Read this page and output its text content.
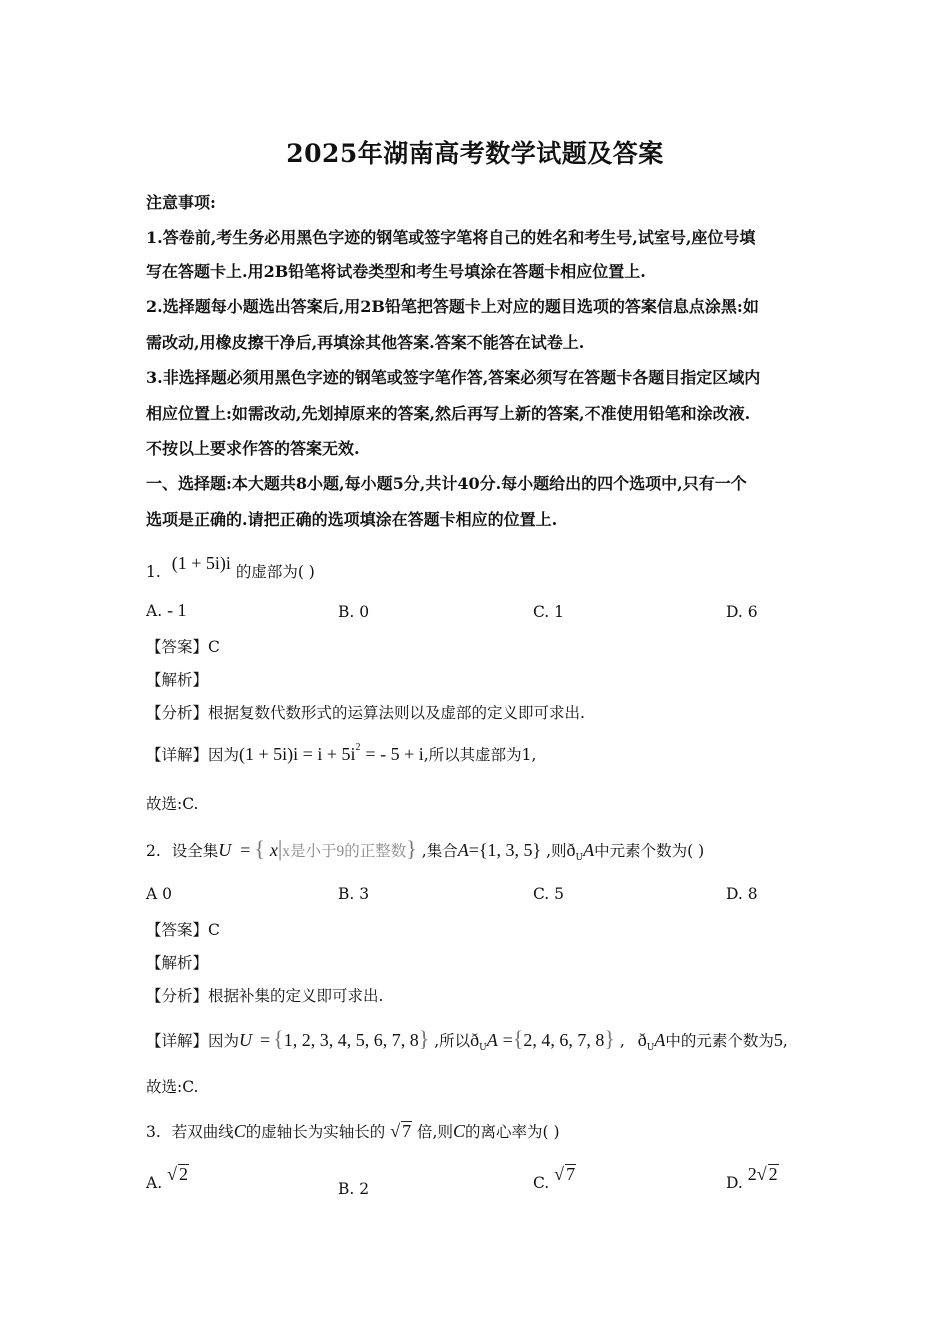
2025年湖南高考数学试题及答案
注意事项:
1.答卷前,考生务必用黑色字迹的钢笔或签字笔将自己的姓名和考生号,试室号,座位号填
写在答题卡上.用2B铅笔将试卷类型和考生号填涂在答题卡相应位置上.
2.选择题每小题选出答案后,用2B铅笔把答题卡上对应的题目选项的答案信息点涂黑:如
需改动,用橡皮擦干净后,再填涂其他答案.答案不能答在试卷上.
3.非选择题必须用黑色字迹的钢笔或签字笔作答,答案必须写在答题卡各题目指定区域内
相应位置上:如需改动,先划掉原来的答案,然后再写上新的答案,不准使用铅笔和涂改液.
不按以上要求作答的答案无效.
一、选择题:本大题共8小题,每小题5分,共计40分.每小题给出的四个选项中,只有一个
选项是正确的.请把正确的选项填涂在答题卡相应的位置上.
1. (1 + 5i)i 的虚部为( )
A. - 1	B. 0	C. 1	D. 6
【答案】C
【解析】
【分析】根据复数代数形式的运算法则以及虚部的定义即可求出.
【详解】因为$(1 + 5i)i = i + 5i^2$ = - 5 + i,所以其虚部为1,
故选:C.
2. 设全集U = { x|x是小于9的正整数} ,集合A={1, 3, 5} ,则$ð_UA$中元素个数为( )
A 0	B. 3	C. 5	D. 8
【答案】C
【解析】
【分析】根据补集的定义即可求出.
【详解】因为U = {1, 2, 3, 4, 5, 6, 7, 8} ,所以$ð_UA =\{2$, 4, 6, 7, 8} , $ð_UA$中的元素个数为5,
故选:C.
3. 若双曲线C的虚轴长为实轴长的 √ 7 倍,则C的离心率为( )
A. √ 2
B. 2	C. √ 7	D. 2√ 2
